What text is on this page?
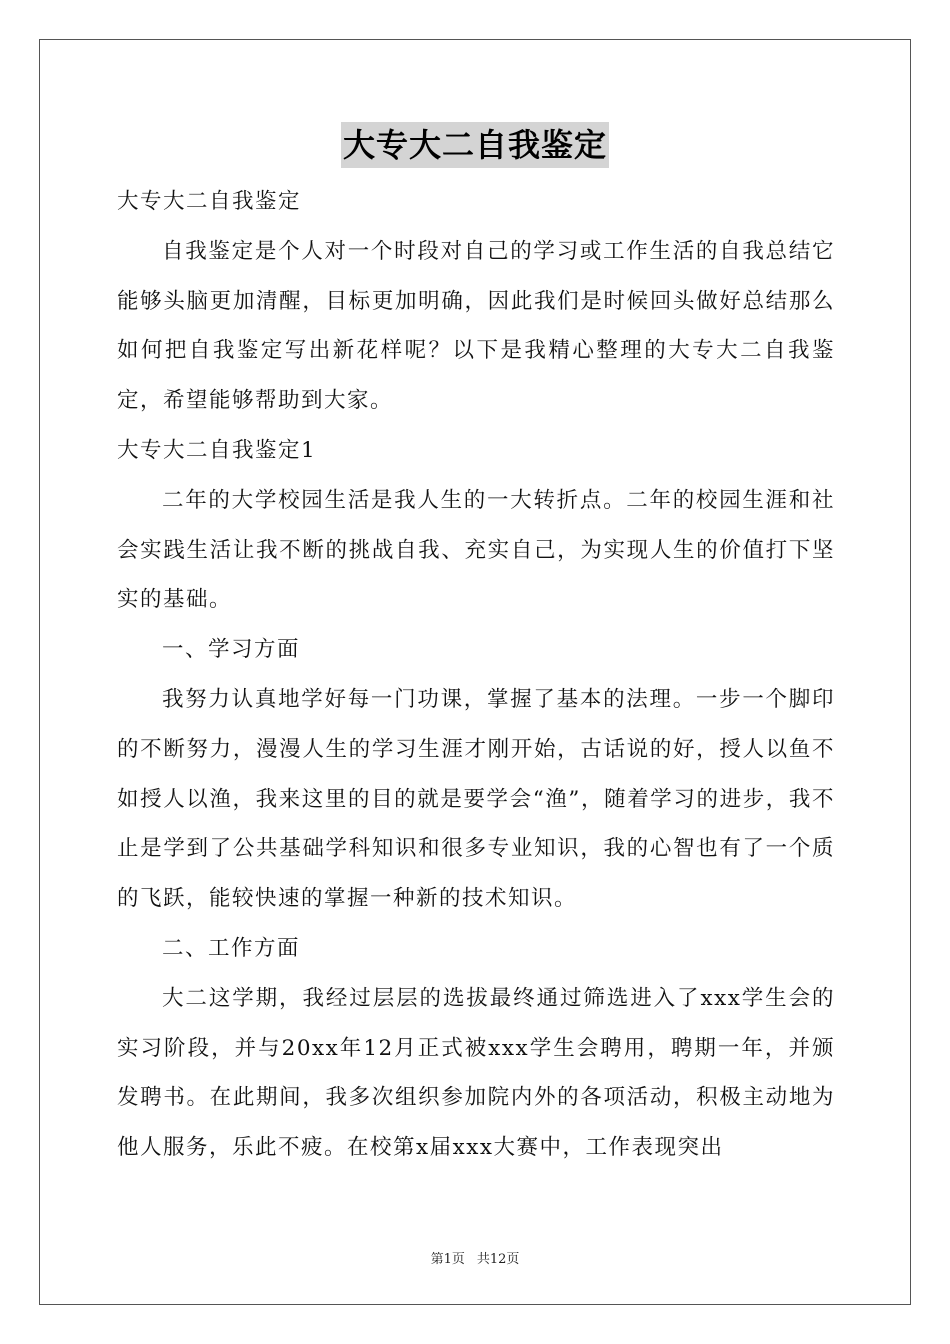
大专大二自我鉴定

大专大二自我鉴定

自我鉴定是个人对一个时段对自己的学习或工作生活的自我总结它能够头脑更加清醒，目标更加明确，因此我们是时候回头做好总结那么如何把自我鉴定写出新花样呢？以下是我精心整理的大专大二自我鉴定，希望能够帮助到大家。

大专大二自我鉴定1

二年的大学校园生活是我人生的一大转折点。二年的校园生涯和社会实践生活让我不断的挑战自我、充实自己，为实现人生的价值打下坚实的基础。

一、学习方面

我努力认真地学好每一门功课，掌握了基本的法理。一步一个脚印的不断努力，漫漫人生的学习生涯才刚开始，古话说的好，授人以鱼不如授人以渔，我来这里的目的就是要学会“渔”，随着学习的进步，我不止是学到了公共基础学科知识和很多专业知识，我的心智也有了一个质的飞跃，能较快速的掌握一种新的技术知识。

二、工作方面

大二这学期，我经过层层的选拔最终通过筛选进入了xxx学生会的实习阶段，并与20xx年12月正式被xxx学生会聘用，聘期一年，并颁发聘书。在此期间，我多次组织参加院内外的各项活动，积极主动地为他人服务，乐此不疲。在校第x届xxx大赛中，工作表现突出

第1页 共12页
